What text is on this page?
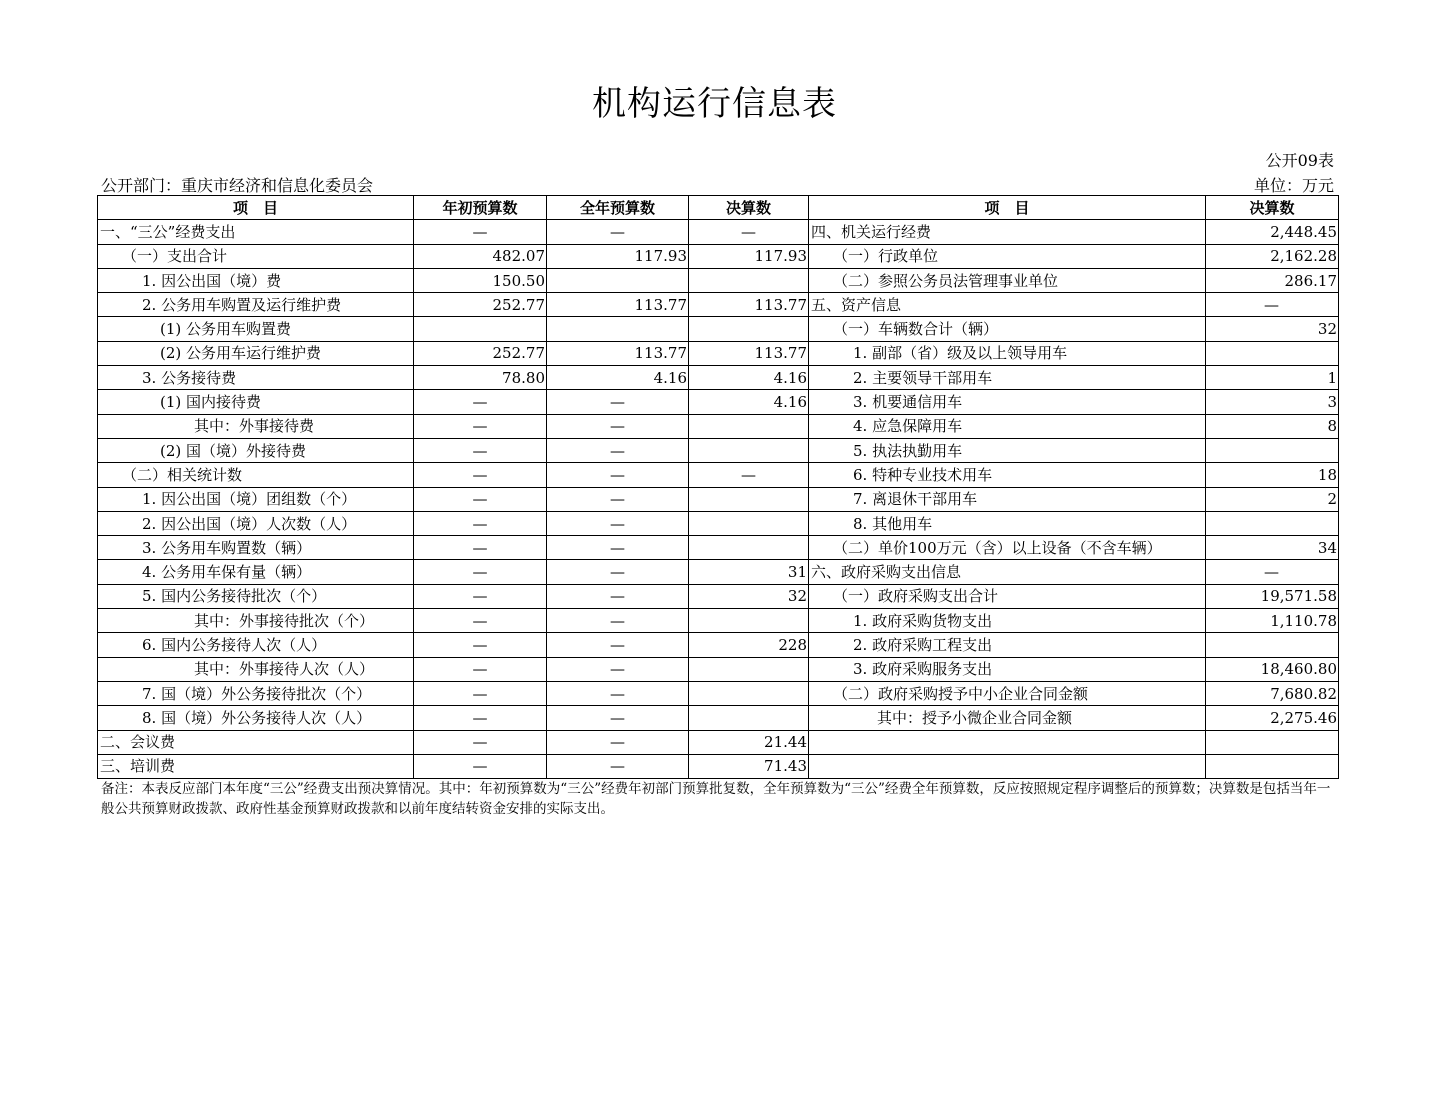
机构运行信息表
公开09表
公开部门：重庆市经济和信息化委员会	单位：万元
项　目	年初预算数	全年预算数	决算数	项　目	决算数
一、“三公”经费支出	—	—	—	四、机关运行经费	2,448.45
（一）支出合计	482.07	117.93	117.93	（一）行政单位	2,162.28
1. 因公出国（境）费	150.50			（二）参照公务员法管理事业单位	286.17
2. 公务用车购置及运行维护费	252.77	113.77	113.77	五、资产信息	—
(1) 公务用车购置费				（一）车辆数合计（辆）	32
(2) 公务用车运行维护费	252.77	113.77	113.77	1. 副部（省）级及以上领导用车	
3. 公务接待费	78.80	4.16	4.16	2. 主要领导干部用车	1
(1) 国内接待费	—	—	4.16	3. 机要通信用车	3
其中：外事接待费	—	—		4. 应急保障用车	8
(2) 国（境）外接待费	—	—		5. 执法执勤用车	
（二）相关统计数	—	—	—	6. 特种专业技术用车	18
1. 因公出国（境）团组数（个）	—	—		7. 离退休干部用车	2
2. 因公出国（境）人次数（人）	—	—		8. 其他用车	
3. 公务用车购置数（辆）	—	—		（二）单价100万元（含）以上设备（不含车辆）	34
4. 公务用车保有量（辆）	—	—	31	六、政府采购支出信息	—
5. 国内公务接待批次（个）	—	—	32	（一）政府采购支出合计	19,571.58
其中：外事接待批次（个）	—	—		1. 政府采购货物支出	1,110.78
6. 国内公务接待人次（人）	—	—	228	2. 政府采购工程支出	
其中：外事接待人次（人）	—	—		3. 政府采购服务支出	18,460.80
7. 国（境）外公务接待批次（个）	—	—		（二）政府采购授予中小企业合同金额	7,680.82
8. 国（境）外公务接待人次（人）	—	—		其中：授予小微企业合同金额	2,275.46
二、会议费	—	—	21.44		
三、培训费	—	—	71.43		
备注：本表反应部门本年度“三公”经费支出预决算情况。其中：年初预算数为“三公”经费年初部门预算批复数，全年预算数为“三公”经费全年预算数，反应按照规定程序调整后的预算数；决算数是包括当年一般公共预算财政拨款、政府性基金预算财政拨款和以前年度结转资金安排的实际支出。
